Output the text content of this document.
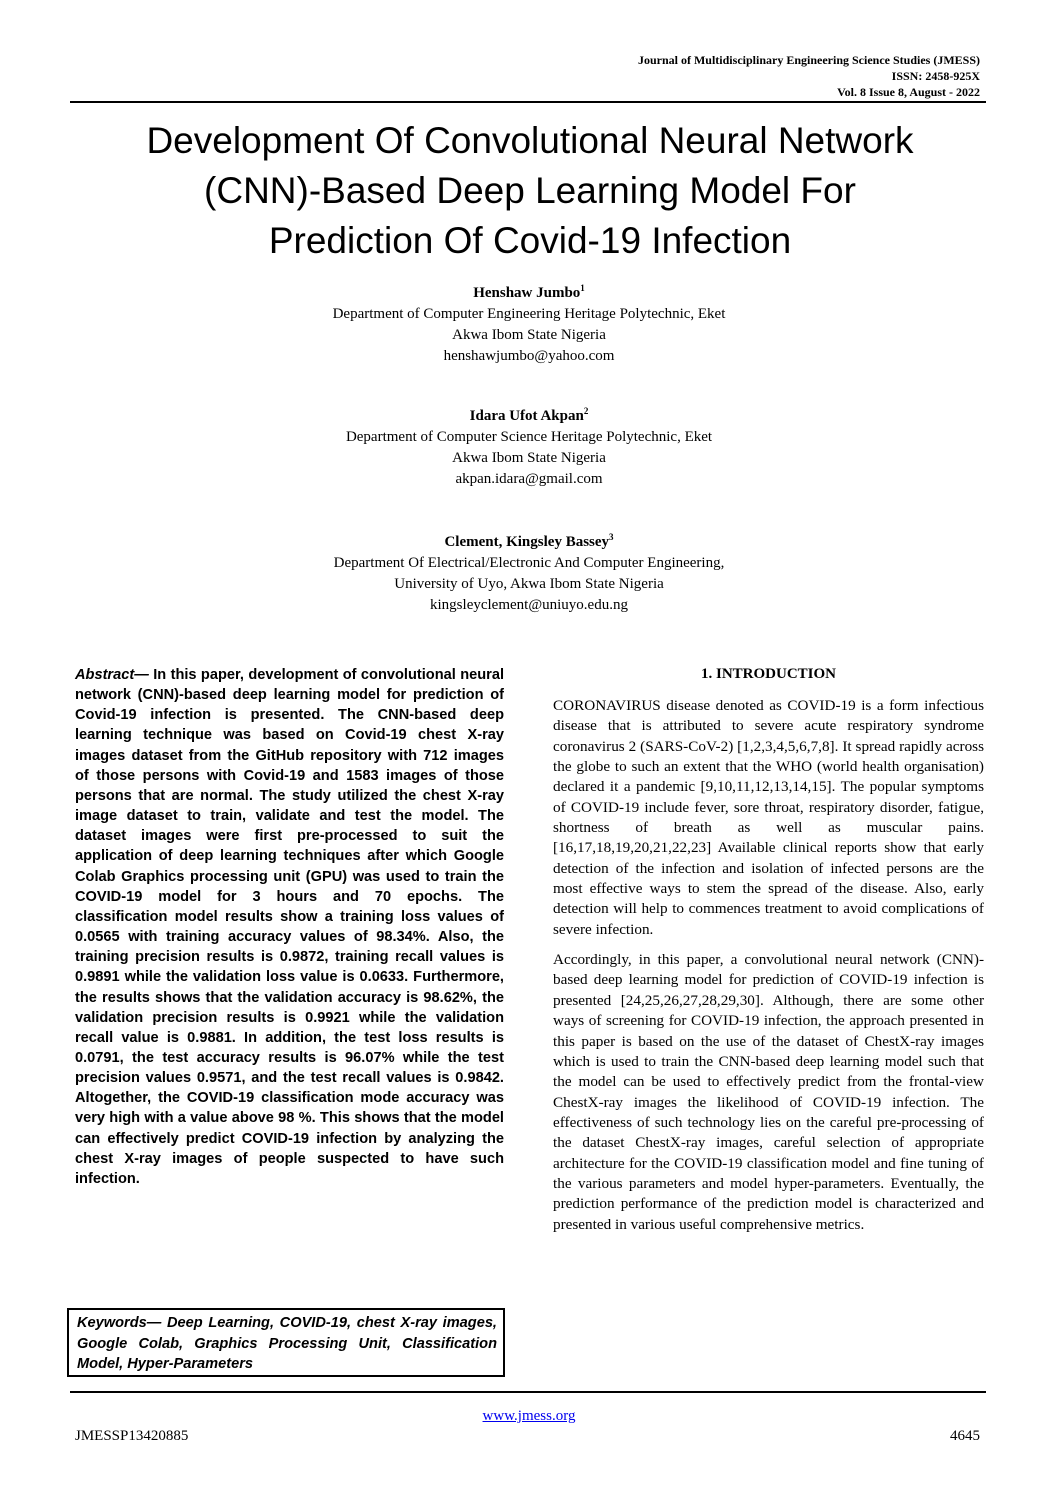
Journal of Multidisciplinary Engineering Science Studies (JMESS)
ISSN: 2458-925X
Vol. 8 Issue 8, August - 2022
Development Of Convolutional Neural Network
(CNN)-Based Deep Learning Model For
Prediction Of Covid-19 Infection
Henshaw Jumbo$^1$
Department of Computer Engineering Heritage Polytechnic, Eket
Akwa Ibom State Nigeria
henshawjumbo@yahoo.com
Idara Ufot Akpan$^2$
Department of Computer Science Heritage Polytechnic, Eket
Akwa Ibom State Nigeria
akpan.idara@gmail.com
Clement, Kingsley Bassey$^3$
Department Of Electrical/Electronic And Computer Engineering,
University of Uyo, Akwa Ibom State Nigeria
kingsleyclement@uniuyo.edu.ng
Abstract— In this paper, development of convolutional neural network (CNN)-based deep learning model for prediction of Covid-19 infection is presented. The CNN-based deep learning technique was based on Covid-19 chest X-ray images dataset from the GitHub repository with 712 images of those persons with Covid-19 and 1583 images of those persons that are normal. The study utilized the chest X-ray image dataset to train, validate and test the model. The dataset images were first pre-processed to suit the application of deep learning techniques after which Google Colab Graphics processing unit (GPU) was used to train the COVID-19 model for 3 hours and 70 epochs. The classification model results show a training loss values of 0.0565 with training accuracy values of 98.34%. Also, the training precision results is 0.9872, training recall values is 0.9891 while the validation loss value is 0.0633. Furthermore, the results shows that the validation accuracy is 98.62%, the validation precision results is 0.9921 while the validation recall value is 0.9881. In addition, the test loss results is 0.0791, the test accuracy results is 96.07% while the test precision values 0.9571, and the test recall values is 0.9842. Altogether, the COVID-19 classification mode accuracy was very high with a value above 98 %. This shows that the model can effectively predict COVID-19 infection by analyzing the chest X-ray images of people suspected to have such infection.
Keywords— Deep Learning, COVID-19, chest X-ray images, Google Colab, Graphics Processing Unit, Classification Model, Hyper-Parameters
1. INTRODUCTION

CORONAVIRUS disease denoted as COVID-19 is a form infectious disease that is attributed to severe acute respiratory syndrome coronavirus 2 (SARS-CoV-2) [1,2,3,4,5,6,7,8]. It spread rapidly across the globe to such an extent that the WHO (world health organisation) declared it a pandemic [9,10,11,12,13,14,15]. The popular symptoms of COVID-19 include fever, sore throat, respiratory disorder, fatigue, shortness of breath as well as muscular pains. [16,17,18,19,20,21,22,23] Available clinical reports show that early detection of the infection and isolation of infected persons are the most effective ways to stem the spread of the disease. Also, early detection will help to commences treatment to avoid complications of severe infection.

Accordingly, in this paper, a convolutional neural network (CNN)-based deep learning model for prediction of COVID-19 infection is presented [24,25,26,27,28,29,30]. Although, there are some other ways of screening for COVID-19 infection, the approach presented in this paper is based on the use of the dataset of ChestX-ray images which is used to train the CNN-based deep learning model such that the model can be used to effectively predict from the frontal-view ChestX-ray images the likelihood of COVID-19 infection. The effectiveness of such technology lies on the careful pre-processing of the dataset ChestX-ray images, careful selection of appropriate architecture for the COVID-19 classification model and fine tuning of the various parameters and model hyper-parameters. Eventually, the prediction performance of the prediction model is characterized and presented in various useful comprehensive metrics.

www.jmess.org
JMESSP13420885	4645
